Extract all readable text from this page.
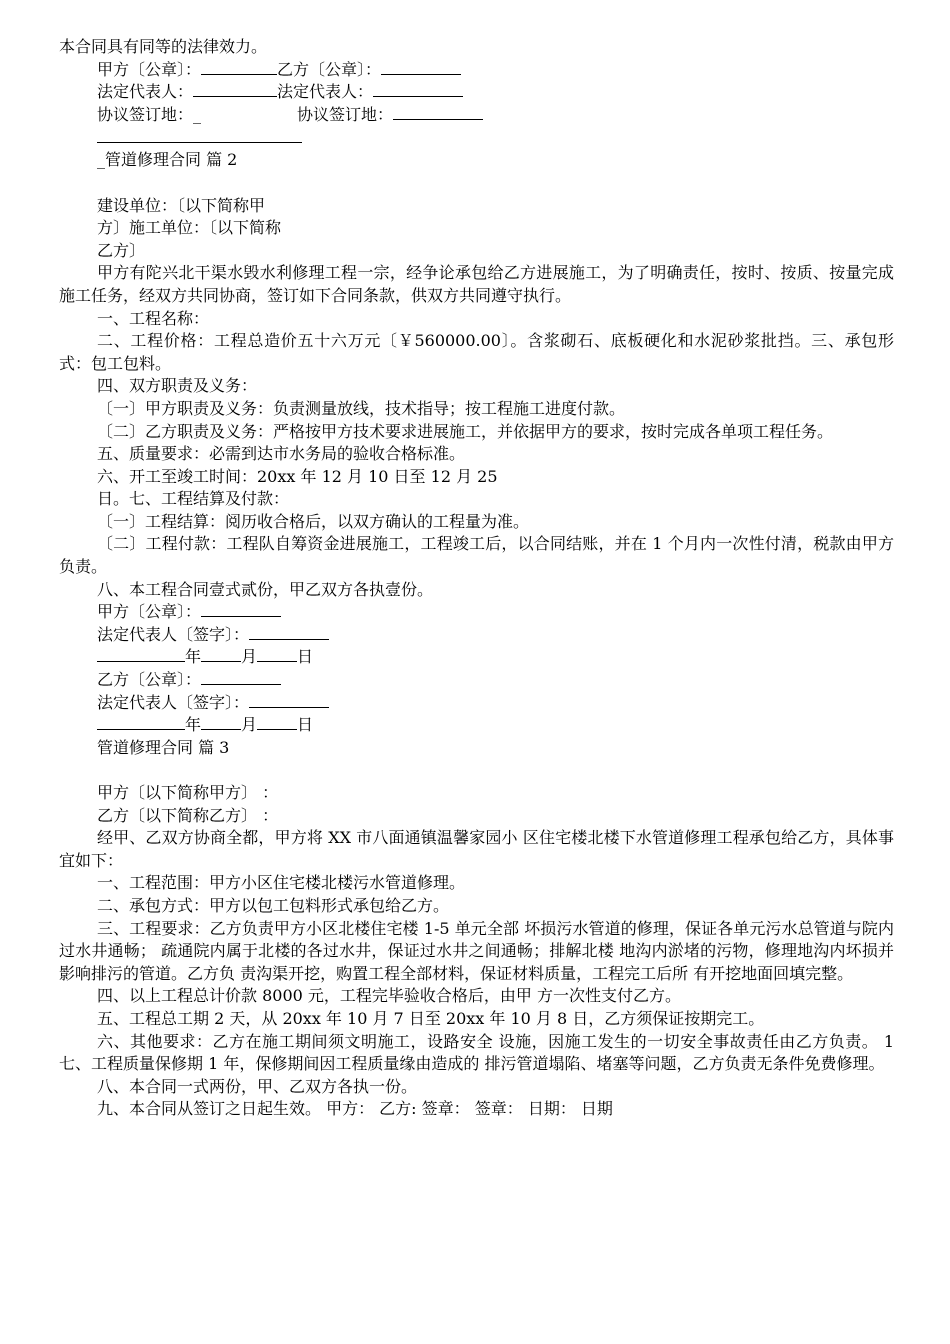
本合同具有同等的法律效力。

甲方〔公章〕：	乙方〔公章〕：

法定代表人：	法定代表人：

协议签订地：_	协议签订地：

_管道修理合同 篇 2

建设单位：〔以下简称甲

方〕施工单位：〔以下简称

乙方〕

甲方有陀兴北干渠水毁水利修理工程一宗，经争论承包给乙方进展施工，为了明确责任，按时、按质、按量完成施工任务，经双方共同协商，签订如下合同条款，供双方共同遵守执行。

一、工程名称：

二、工程价格：工程总造价五十六万元〔￥560000.00〕。含浆砌石、底板硬化和水泥砂浆批挡。三、承包形式：包工包料。

四、双方职责及义务：

〔一〕甲方职责及义务：负责测量放线，技术指导；按工程施工进度付款。

〔二〕乙方职责及义务：严格按甲方技术要求进展施工，并依据甲方的要求，按时完成各单项工程任务。

五、质量要求：必需到达市水务局的验收合格标准。

六、开工至竣工时间：20xx 年 12 月 10 日至 12 月 25

日。七、工程结算及付款：

〔一〕工程结算：阅历收合格后，以双方确认的工程量为准。

〔二〕工程付款：工程队自筹资金进展施工，工程竣工后，以合同结账，并在 1 个月内一次性付清，税款由甲方负责。

八、本工程合同壹式贰份，甲乙双方各执壹份。

甲方〔公章〕：

法定代表人〔签字〕：

年	月	日

乙方〔公章〕：

法定代表人〔签字〕：

年	月	日

管道修理合同 篇 3

甲方〔以下简称甲方〕 ：

乙方〔以下简称乙方〕 ：

经甲、乙双方协商全都，甲方将 XX 市八面通镇温馨家园小 区住宅楼北楼下水管道修理工程承包给乙方，具体事宜如下：

一、工程范围：甲方小区住宅楼北楼污水管道修理。

二、承包方式：甲方以包工包料形式承包给乙方。

三、工程要求：乙方负责甲方小区北楼住宅楼 1-5 单元全部 坏损污水管道的修理，保证各单元污水总管道与院内过水井通畅； 疏通院内属于北楼的各过水井，保证过水井之间通畅；排解北楼 地沟内淤堵的污物，修理地沟内坏损并影响排污的管道。乙方负 责沟渠开挖，购置工程全部材料，保证材料质量，工程完工后所 有开挖地面回填完整。

四、以上工程总计价款 8000 元，工程完毕验收合格后，由甲 方一次性支付乙方。

五、工程总工期 2 天，从 20xx 年 10 月 7 日至 20xx 年 10 月 8 日，乙方须保证按期完工。

六、其他要求：乙方在施工期间须文明施工，设路安全 设施，因施工发生的一切安全事故责任由乙方负责。 1 七、工程质量保修期 1 年，保修期间因工程质量缘由造成的 排污管道塌陷、堵塞等问题，乙方负责无条件免费修理。

八、本合同一式两份，甲、乙双方各执一份。

九、本合同从签订之日起生效。 甲方： 乙方: 签章： 签章： 日期： 日期
